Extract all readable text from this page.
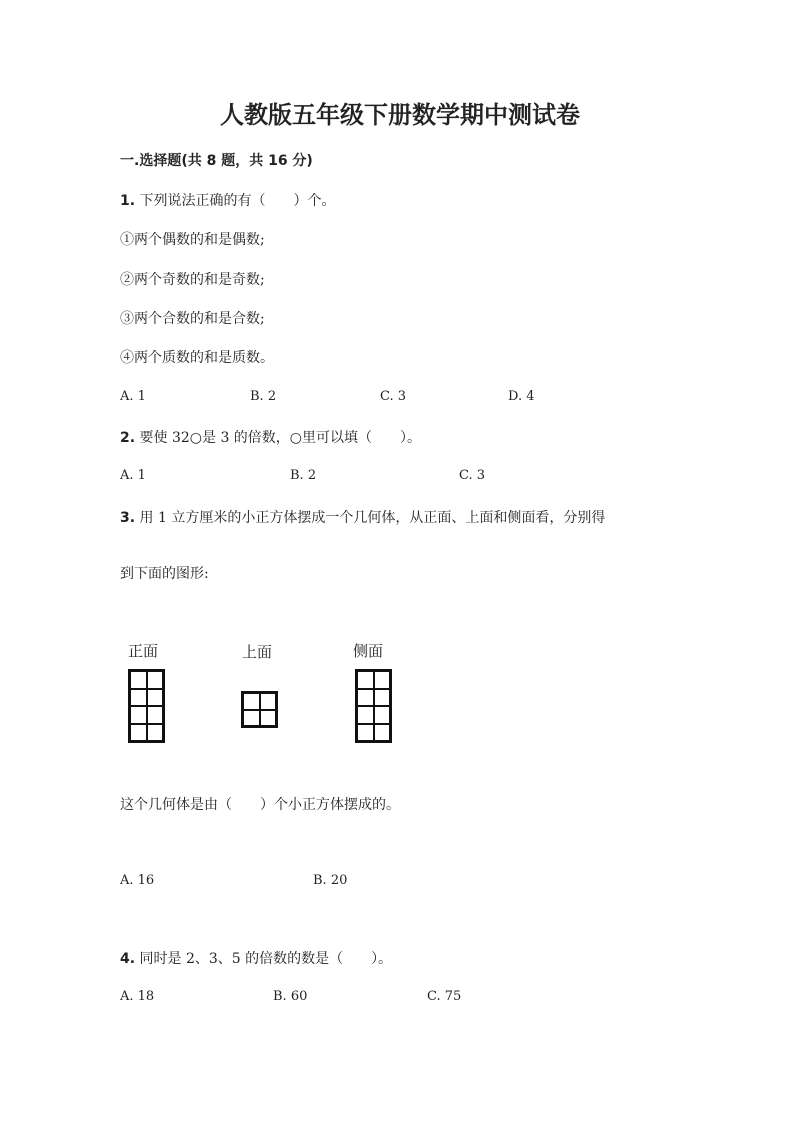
人教版五年级下册数学期中测试卷
一.选择题(共 8 题，共 16 分)
1. 下列说法正确的有（　　）个。
①两个偶数的和是偶数;
②两个奇数的和是奇数;
③两个合数的和是合数;
④两个质数的和是质数。
A. 1	B. 2	C. 3	D. 4
2. 要使 32○是 3 的倍数，○里可以填（　　）。
A. 1	B. 2	C. 3
3. 用 1 立方厘米的小正方体摆成一个几何体，从正面、上面和侧面看，分别得
到下面的图形:
正面	上面	侧面
这个几何体是由（　　）个小正方体摆成的。
A. 16	B. 20
4. 同时是 2、3、5 的倍数的数是（　　）。
A. 18	B. 60	C. 75
